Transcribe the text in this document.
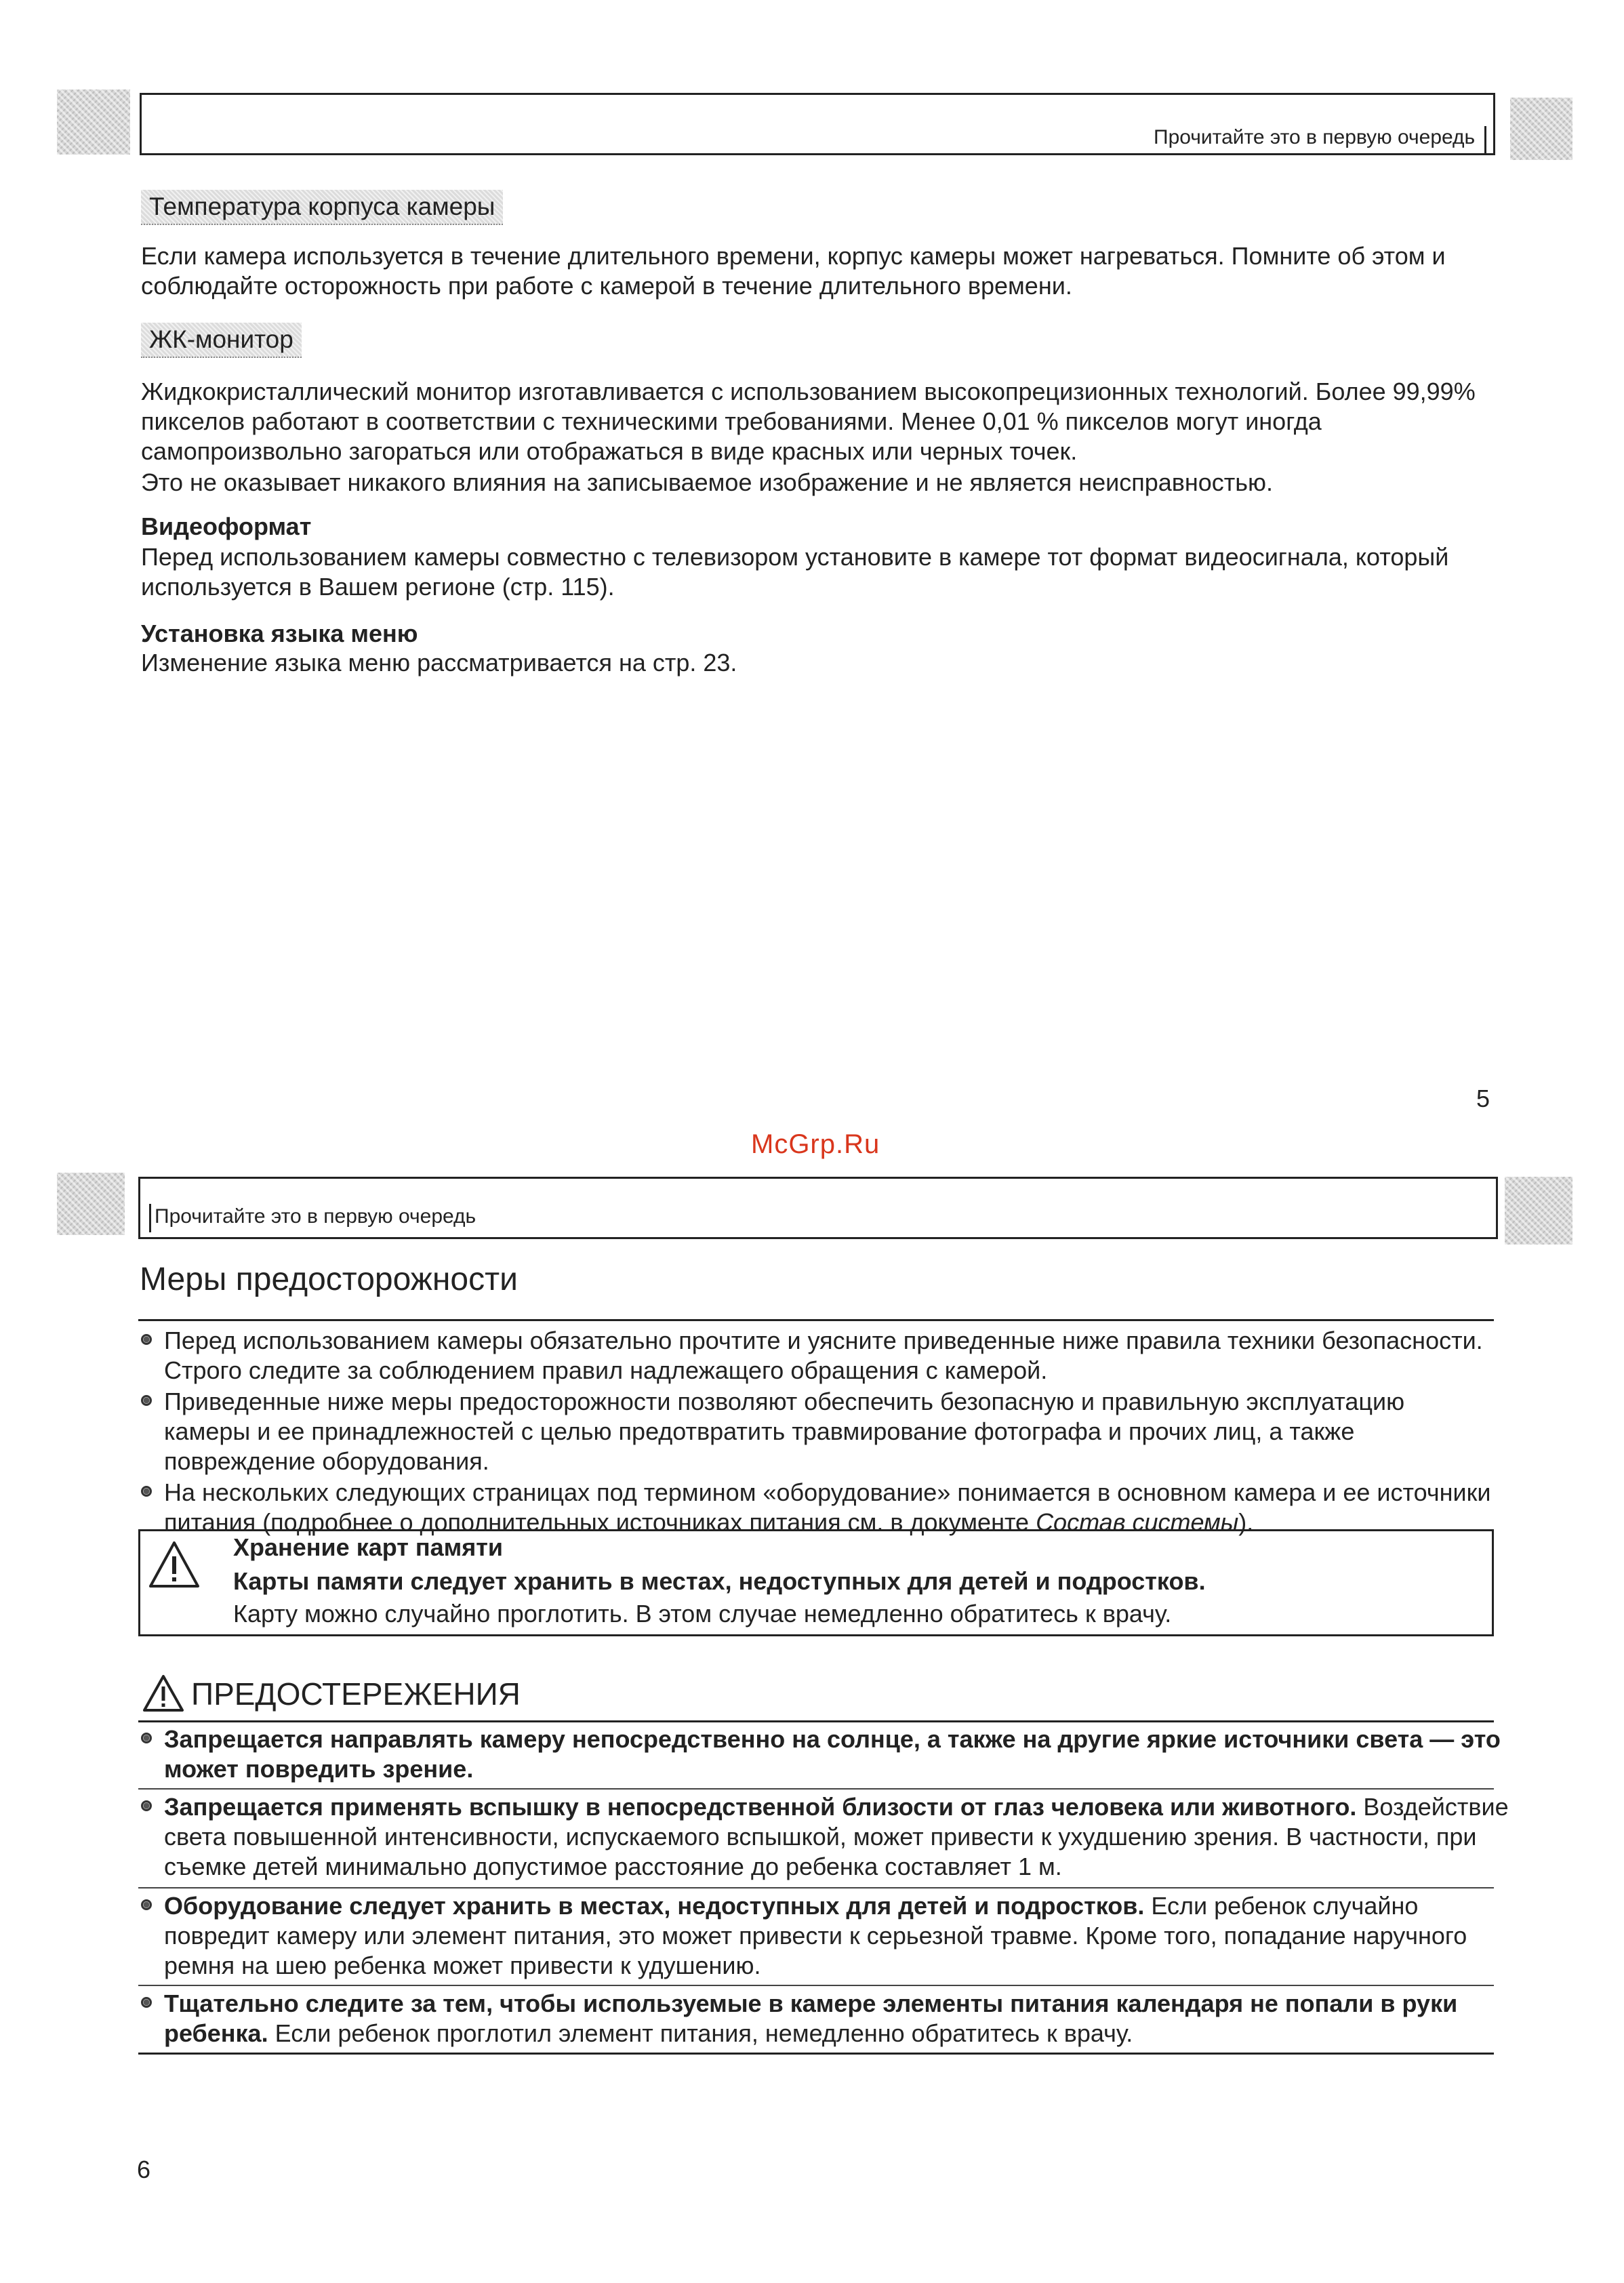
Прочитайте это в первую очередь
Температура корпуса камеры
Если камера используется в течение длительного времени, корпус камеры может нагреваться. Помните об этом и соблюдайте осторожность при работе с камерой в течение длительного времени.
ЖК-монитор
Жидкокристаллический монитор изготавливается с использованием высокопрецизионных технологий. Более 99,99% пикселов работают в соответствии с техническими требованиями. Менее 0,01 % пикселов могут иногда самопроизвольно загораться или отображаться в виде красных или черных точек.
Это не оказывает никакого влияния на записываемое изображение и не является неисправностью.
Видеоформат
Перед использованием камеры совместно с телевизором установите в камере тот формат видеосигнала, который используется в Вашем регионе (стр. 115).
Установка языка меню
Изменение языка меню рассматривается на стр. 23.
5
McGrp.Ru
Прочитайте это в первую очередь
Меры предосторожности
Перед использованием камеры обязательно прочтите и уясните приведенные ниже правила техники безопасности. Строго следите за соблюдением правил надлежащего обращения с камерой.
Приведенные ниже меры предосторожности позволяют обеспечить безопасную и правильную эксплуатацию камеры и ее принадлежностей с целью предотвратить травмирование фотографа и прочих лиц, а также повреждение оборудования.
На нескольких следующих страницах под термином «оборудование» понимается в основном камера и ее источники питания (подробнее о дополнительных источниках питания см. в документе Состав системы).
Хранение карт памяти
Карты памяти следует хранить в местах, недоступных для детей и подростков.
Карту можно случайно проглотить. В этом случае немедленно обратитесь к врачу.
ПРЕДОСТЕРЕЖЕНИЯ
Запрещается направлять камеру непосредственно на солнце, а также на другие яркие источники света — это может повредить зрение.
Запрещается применять вспышку в непосредственной близости от глаз человека или животного. Воздействие света повышенной интенсивности, испускаемого вспышкой, может привести к ухудшению зрения. В частности, при съемке детей минимально допустимое расстояние до ребенка составляет 1 м.
Оборудование следует хранить в местах, недоступных для детей и подростков. Если ребенок случайно повредит камеру или элемент питания, это может привести к серьезной травме. Кроме того, попадание наручного ремня на шею ребенка может привести к удушению.
Тщательно следите за тем, чтобы используемые в камере элементы питания календаря не попали в руки ребенка. Если ребенок проглотил элемент питания, немедленно обратитесь к врачу.
6
